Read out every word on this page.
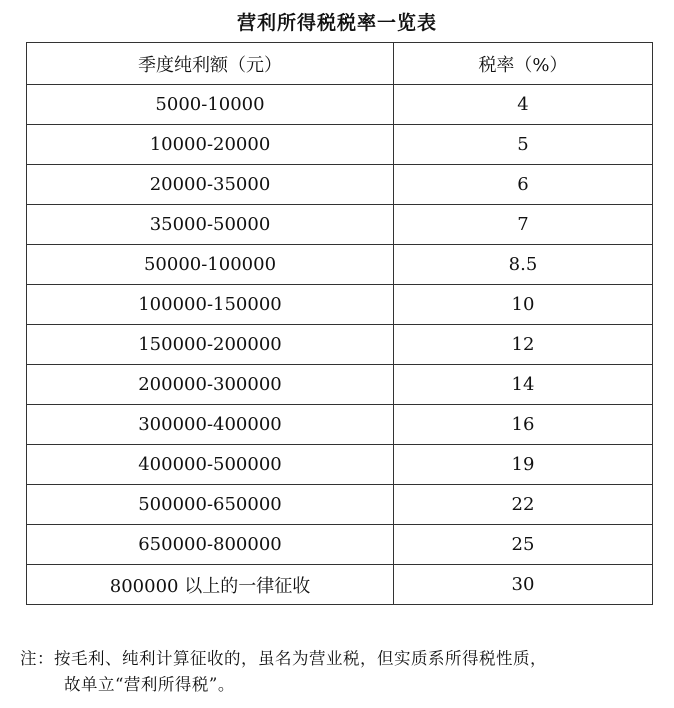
营利所得税税率一览表
季度纯利额（元）	税率（%）
5000-10000	4
10000-20000	5
20000-35000	6
35000-50000	7
50000-100000	8.5
100000-150000	10
150000-200000	12
200000-300000	14
300000-400000	16
400000-500000	19
500000-650000	22
650000-800000	25
800000 以上的一律征收	30
注：按毛利、纯利计算征收的，虽名为营业税，但实质系所得税性质，
故单立“营利所得税”。
